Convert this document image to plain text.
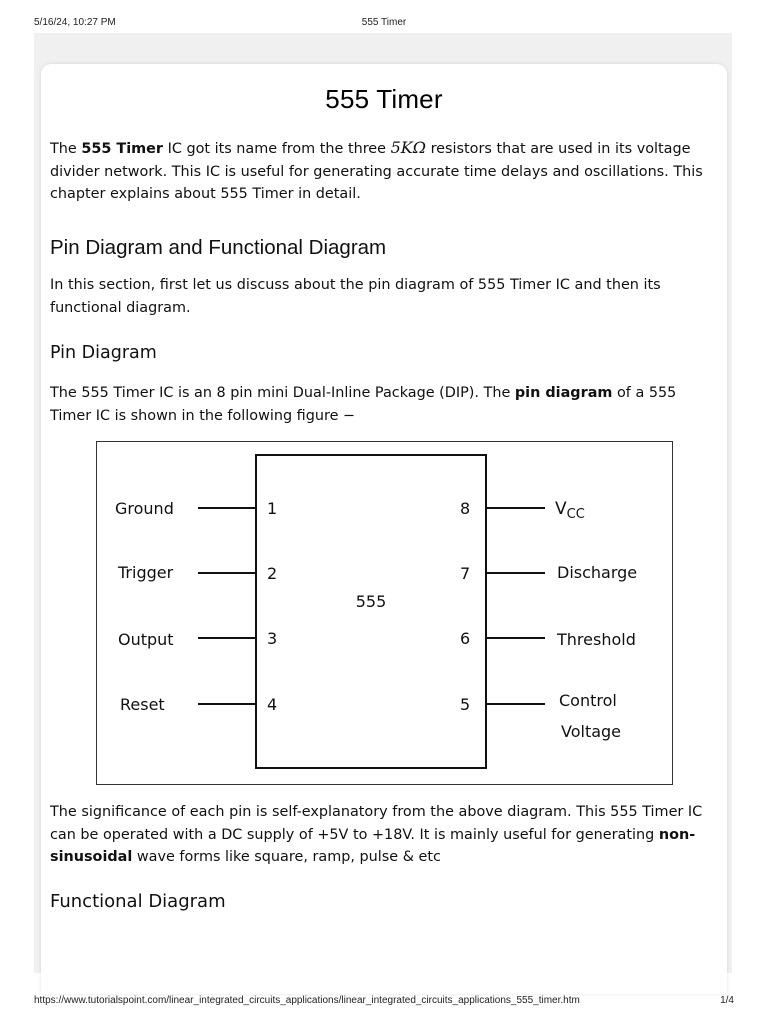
5/16/24, 10:27 PM	555 Timer
555 Timer

The 555 Timer IC got its name from the three 5KΩ resistors that are used in its voltage divider network. This IC is useful for generating accurate time delays and oscillations. This chapter explains about 555 Timer in detail.

Pin Diagram and Functional Diagram

In this section, first let us discuss about the pin diagram of 555 Timer IC and then its functional diagram.

Pin Diagram

The 555 Timer IC is an 8 pin mini Dual-Inline Package (DIP). The pin diagram of a 555 Timer IC is shown in the following figure −

The significance of each pin is self-explanatory from the above diagram. This 555 Timer IC can be operated with a DC supply of +5V to +18V. It is mainly useful for generating non-sinusoidal wave forms like square, ramp, pulse & etc

Functional Diagram
555
Ground	1
Trigger	2
Output	3
Reset	4
8	$V_{CC}$
7	Discharge
6	Threshold
5	Control
Voltage
https://www.tutorialspoint.com/linear_integrated_circuits_applications/linear_integrated_circuits_applications_555_timer.htm	1/4
